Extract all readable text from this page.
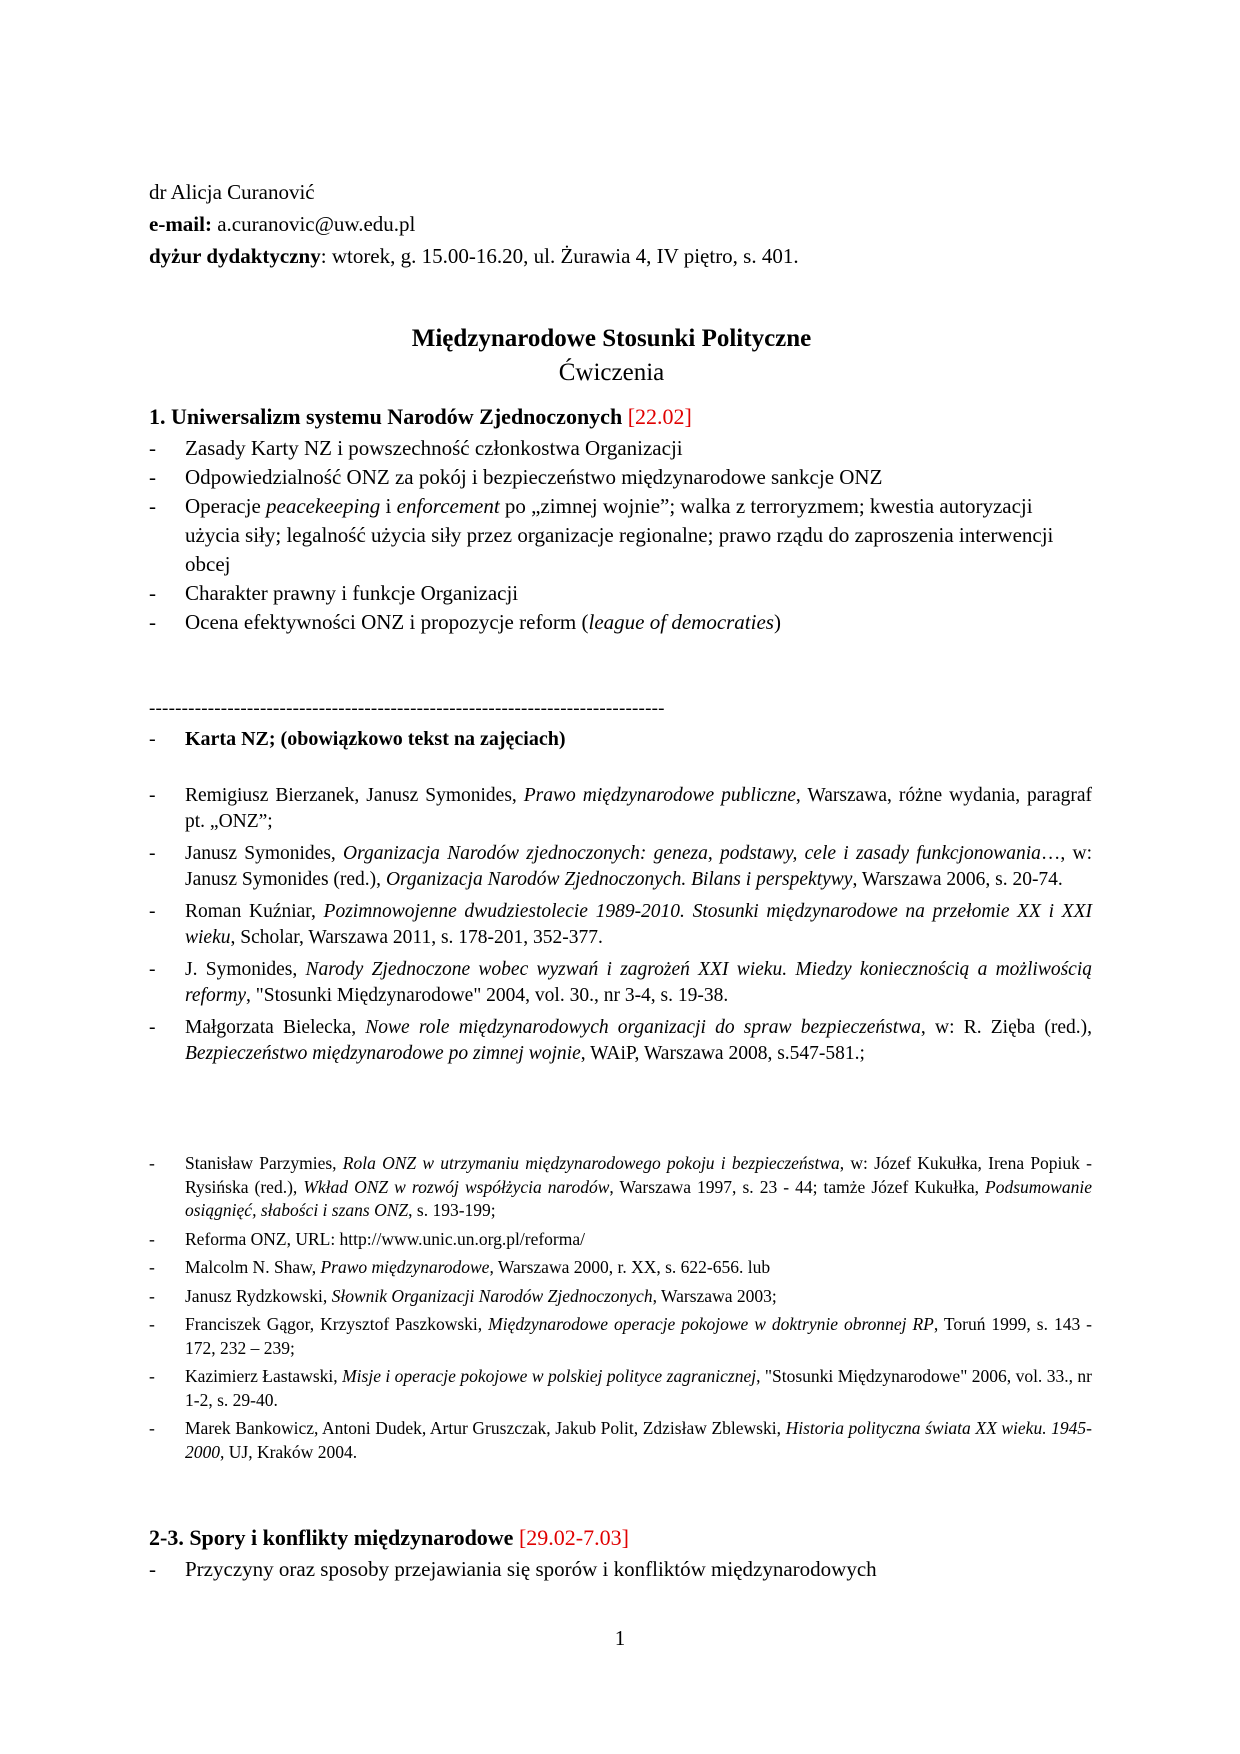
dr Alicja Curanović
e-mail: a.curanovic@uw.edu.pl
dyżur dydaktyczny: wtorek, g. 15.00-16.20, ul. Żurawia 4, IV piętro, s. 401.
Międzynarodowe Stosunki Polityczne
Ćwiczenia
1. Uniwersalizm systemu Narodów Zjednoczonych [22.02]
- Zasady Karty NZ i powszechność członkostwa Organizacji
- Odpowiedzialność ONZ za pokój i bezpieczeństwo międzynarodowe sankcje ONZ
- Operacje peacekeeping i enforcement po „zimnej wojnie”; walka z terroryzmem; kwestia autoryzacji użycia siły; legalność użycia siły przez organizacje regionalne; prawo rządu do zaproszenia interwencji obcej
- Charakter prawny i funkcje Organizacji
- Ocena efektywności ONZ i propozycje reform (league of democraties)
-------------------------------------------------------------------------------
- Karta NZ; (obowiązkowo tekst na zajęciach)
- Remigiusz Bierzanek, Janusz Symonides, Prawo międzynarodowe publiczne, Warszawa, różne wydania, paragraf pt. „ONZ”;
- Janusz Symonides, Organizacja Narodów zjednoczonych: geneza, podstawy, cele i zasady funkcjonowania…, w: Janusz Symonides (red.), Organizacja Narodów Zjednoczonych. Bilans i perspektywy, Warszawa 2006, s. 20-74.
- Roman Kuźniar, Pozimnowojenne dwudziestolecie 1989-2010. Stosunki międzynarodowe na przełomie XX i XXI wieku, Scholar, Warszawa 2011, s. 178-201, 352-377.
- J. Symonides, Narody Zjednoczone wobec wyzwań i zagrożeń XXI wieku. Miedzy koniecznością a możliwością reformy, "Stosunki Międzynarodowe" 2004, vol. 30., nr 3-4, s. 19-38.
- Małgorzata Bielecka, Nowe role międzynarodowych organizacji do spraw bezpieczeństwa, w: R. Zięba (red.), Bezpieczeństwo międzynarodowe po zimnej wojnie, WAiP, Warszawa 2008, s.547-581.;
- Stanisław Parzymies, Rola ONZ w utrzymaniu międzynarodowego pokoju i bezpieczeństwa, w: Józef Kukułka, Irena Popiuk - Rysińska (red.), Wkład ONZ w rozwój współżycia narodów, Warszawa 1997, s. 23 - 44; tamże Józef Kukułka, Podsumowanie osiągnięć, słabości i szans ONZ, s. 193-199;
- Reforma ONZ, URL: http://www.unic.un.org.pl/reforma/
- Malcolm N. Shaw, Prawo międzynarodowe, Warszawa 2000, r. XX, s. 622-656. lub
- Janusz Rydzkowski, Słownik Organizacji Narodów Zjednoczonych, Warszawa 2003;
- Franciszek Gągor, Krzysztof Paszkowski, Międzynarodowe operacje pokojowe w doktrynie obronnej RP, Toruń 1999, s. 143 - 172, 232 – 239;
- Kazimierz Łastawski, Misje i operacje pokojowe w polskiej polityce zagranicznej, "Stosunki Międzynarodowe" 2006, vol. 33., nr 1-2, s. 29-40.
- Marek Bankowicz, Antoni Dudek, Artur Gruszczak, Jakub Polit, Zdzisław Zblewski, Historia polityczna świata XX wieku. 1945-2000, UJ, Kraków 2004.
2-3. Spory i konflikty międzynarodowe [29.02-7.03]
- Przyczyny oraz sposoby przejawiania się sporów i konfliktów międzynarodowych
1
